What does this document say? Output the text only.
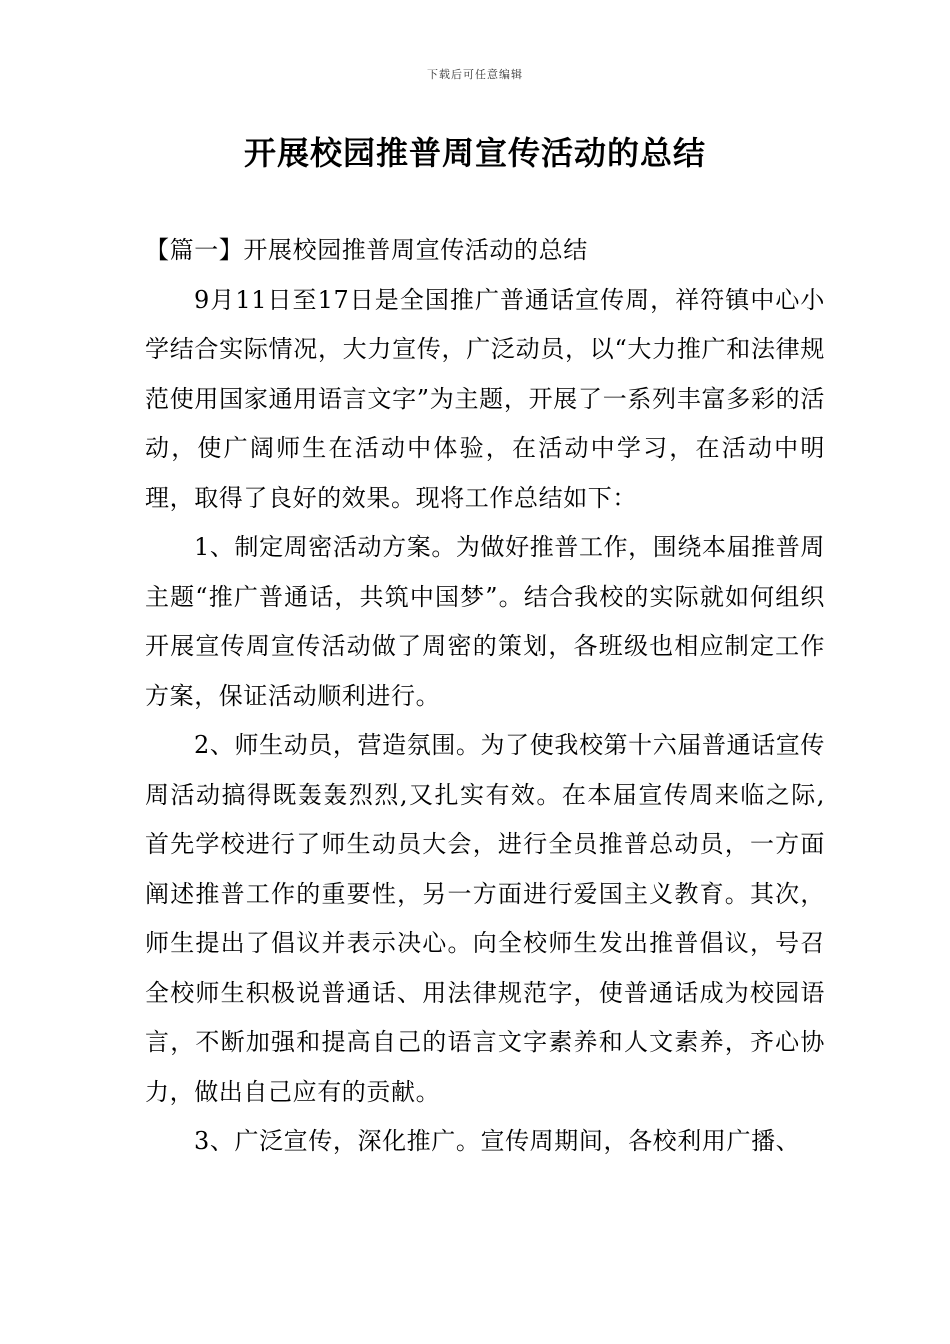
下载后可任意编辑
开展校园推普周宣传活动的总结

【篇一】开展校园推普周宣传活动的总结

9月11日至17日是全国推广普通话宣传周，祥符镇中心小学结合实际情况，大力宣传，广泛动员，以“大力推广和法律规范使用国家通用语言文字”为主题，开展了一系列丰富多彩的活动，使广阔师生在活动中体验，在活动中学习，在活动中明理，取得了良好的效果。现将工作总结如下：

1、制定周密活动方案。为做好推普工作，围绕本届推普周主题“推广普通话，共筑中国梦”。结合我校的实际就如何组织开展宣传周宣传活动做了周密的策划，各班级也相应制定工作方案，保证活动顺利进行。

2、师生动员，营造氛围。为了使我校第十六届普通话宣传周活动搞得既轰轰烈烈,又扎实有效。在本届宣传周来临之际,首先学校进行了师生动员大会，进行全员推普总动员，一方面阐述推普工作的重要性，另一方面进行爱国主义教育。其次，师生提出了倡议并表示决心。向全校师生发出推普倡议，号召全校师生积极说普通话、用法律规范字，使普通话成为校园语言，不断加强和提高自己的语言文字素养和人文素养，齐心协力，做出自己应有的贡献。

3、广泛宣传，深化推广。宣传周期间，各校利用广播、
